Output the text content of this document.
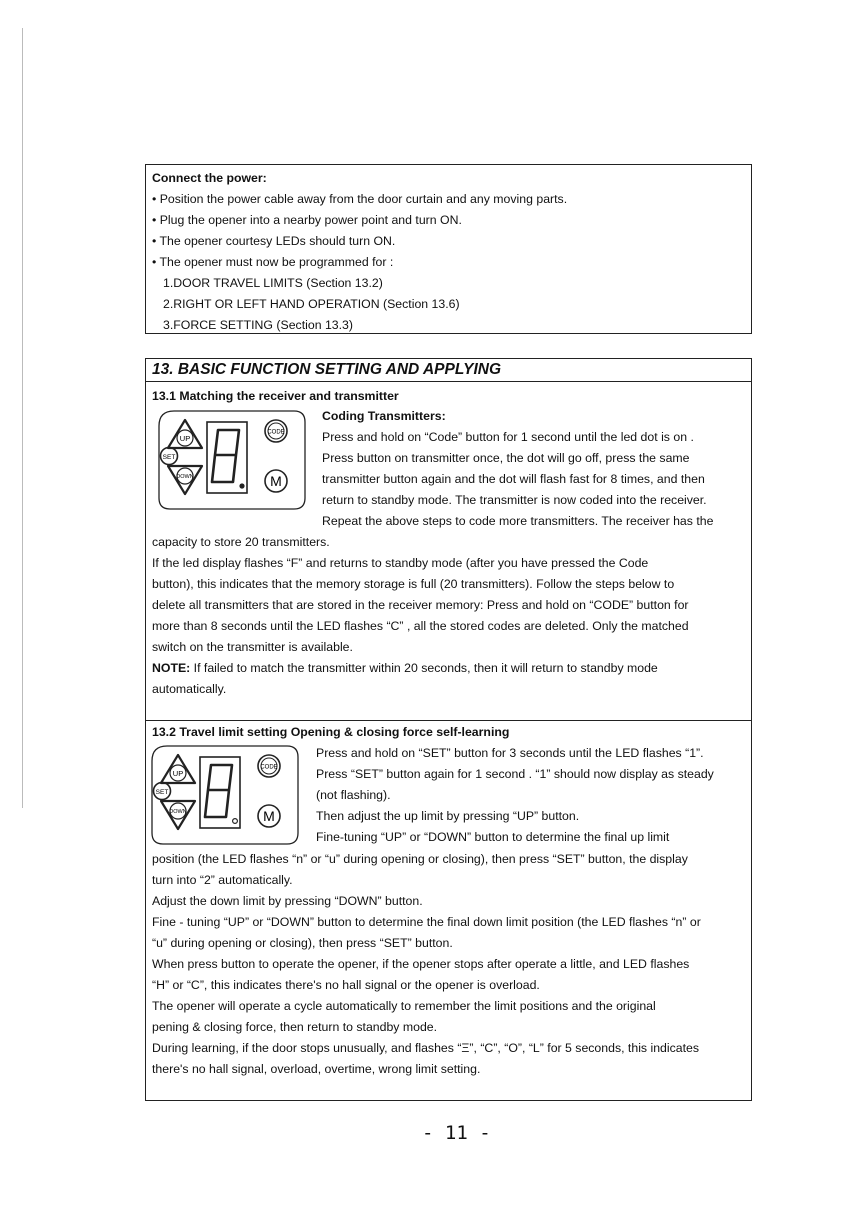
Connect the power:
• Position the power cable away from the door curtain and any moving parts.
• Plug the opener into a nearby power point and turn ON.
• The opener courtesy LEDs should turn ON.
• The opener must now be programmed for :
1.DOOR TRAVEL LIMITS (Section 13.2)
2.RIGHT OR LEFT HAND OPERATION (Section 13.6)
3.FORCE SETTING (Section 13.3)
13. BASIC FUNCTION SETTING AND APPLYING
13.1 Matching the receiver and transmitter
UP
SET
DOWN
CODE
M
Coding Transmitters:
Press and hold on “Code” button for 1 second until the led dot is on .
Press button on transmitter once, the dot will go off, press the same
transmitter button again and the dot will flash fast for 8 times, and then
return to standby mode. The transmitter is now coded into the receiver.
Repeat the above steps to code more transmitters. The receiver has the
capacity to store 20 transmitters.
If the led display flashes “F” and returns to standby mode (after you have pressed the Code
button), this indicates that the memory storage is full (20 transmitters). Follow the steps below to
delete all transmitters that are stored in the receiver memory: Press and hold on “CODE” button for
more than 8 seconds until the LED flashes “C” , all the stored codes are deleted. Only the matched
switch on the transmitter is available.
NOTE: If failed to match the transmitter within 20 seconds, then it will return to standby mode
automatically.
13.2 Travel limit setting Opening & closing force self-learning
UP
SET
DOWN
CODE
M
Press and hold on “SET” button for 3 seconds until the LED flashes “1”.
Press “SET” button again for 1 second . “1” should now display as steady
(not flashing).
Then adjust the up limit by pressing “UP” button.
Fine-tuning “UP” or “DOWN” button to determine the final up limit
position (the LED flashes “n” or “u” during opening or closing), then press “SET” button, the display
turn into “2” automatically.
Adjust the down limit by pressing “DOWN” button.
Fine - tuning “UP” or “DOWN” button to determine the final down limit position (the LED flashes “n” or
“u” during opening or closing), then press “SET” button.
When press button to operate the opener, if the opener stops after operate a little, and LED flashes
“H” or “C”, this indicates there's no hall signal or the opener is overload.
The opener will operate a cycle automatically to remember the limit positions and the original
pening & closing force, then return to standby mode.
During learning, if the door stops unusually, and flashes “Ξ”, “C”, “O”, “L” for 5 seconds, this indicates
there's no hall signal, overload, overtime, wrong limit setting.
- 11 -
